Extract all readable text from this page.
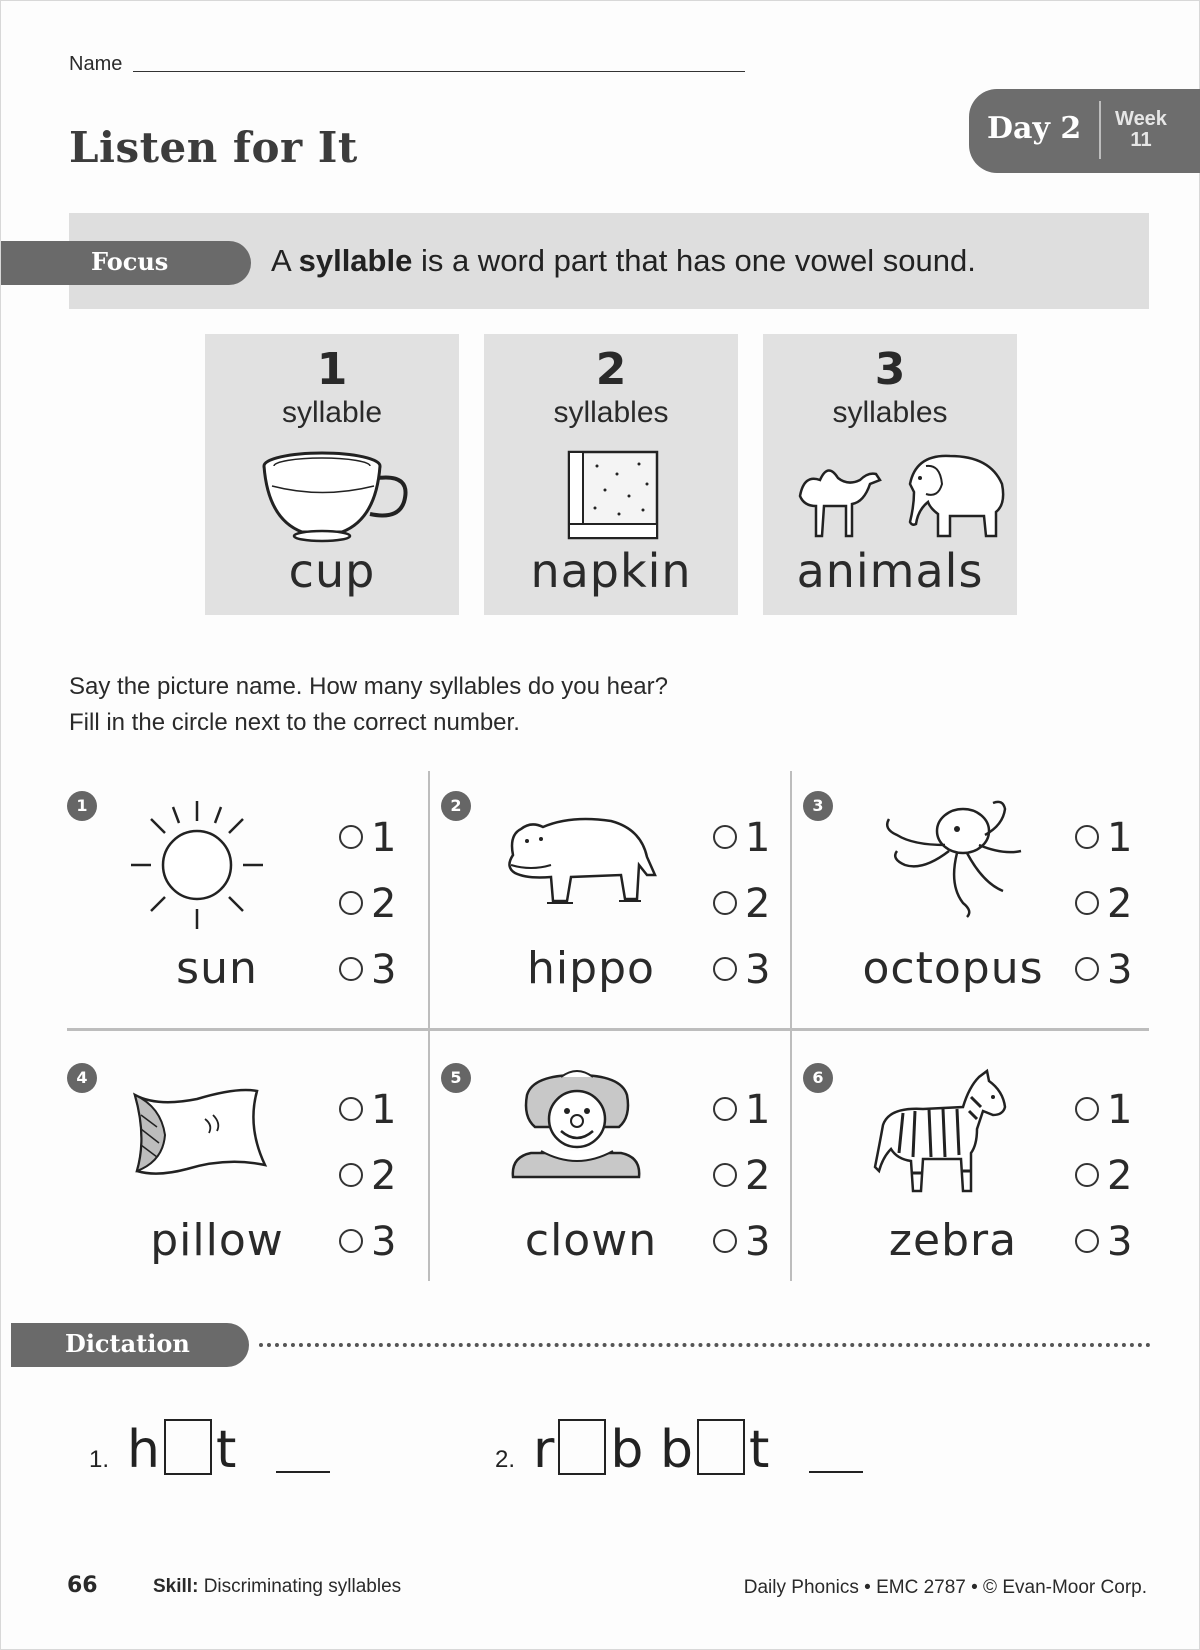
Name
Listen for It	Day 2	Week
11
Focus	A syllable is a word part that has one vowel sound.
1
syllable
cup
2
syllables
napkin
3
syllables
animals
Say the picture name. How many syllables do you hear?
Fill in the circle next to the correct number.
1
sun
1
2
3
2
hippo
1
2
3
3
octopus
1
2
3
4
pillow
1
2
3
5
clown
1
2
3
6
zebra
1
2
3
Dictation
1. h t	2. r b b t
66	Skill: Discriminating syllables	Daily Phonics • EMC 2787 • © Evan-Moor Corp.
